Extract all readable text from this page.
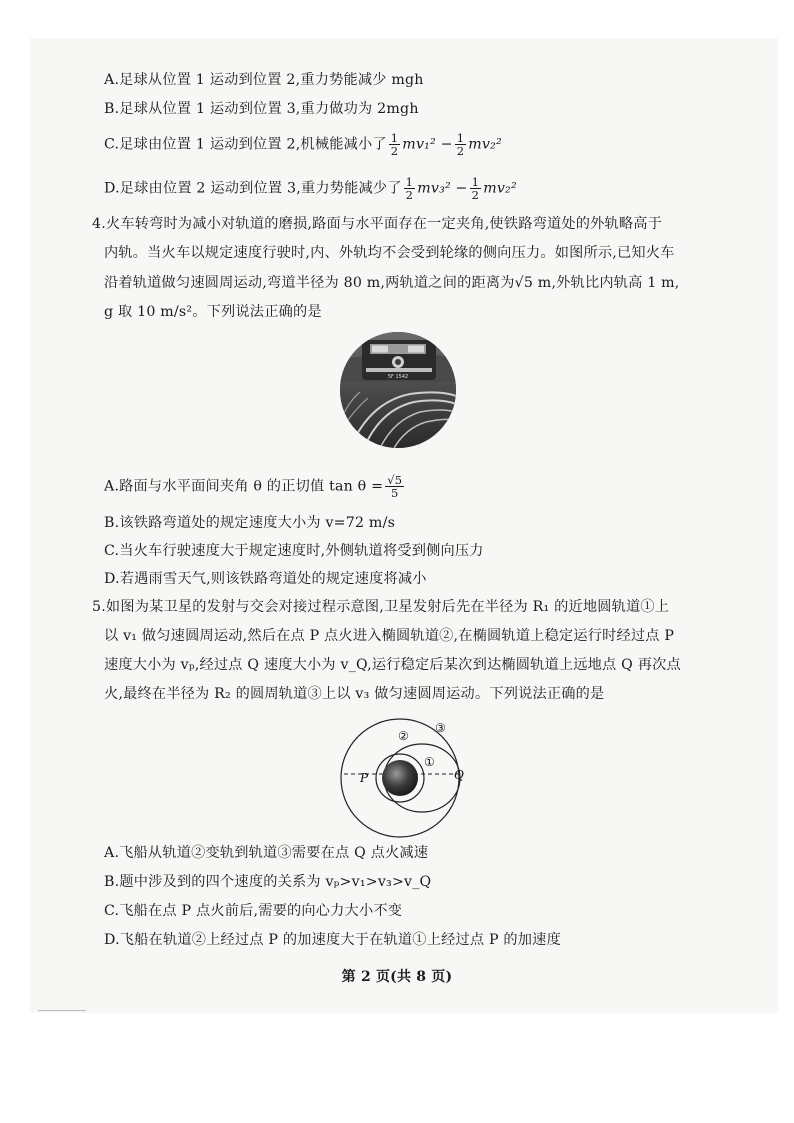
A.足球从位置 1 运动到位置 2,重力势能减少 mgh
B.足球从位置 1 运动到位置 3,重力做功为 2mgh
C.足球由位置 1 运动到位置 2,机械能减小了 $\frac{1}{2} mv_1^2 - \frac{1}{2} mv_2^2$
D.足球由位置 2 运动到位置 3,重力势能减少了 $\frac{1}{2} mv_3^2 - \frac{1}{2} mv_2^2$
4.火车转弯时为减小对轨道的磨损,路面与水平面存在一定夹角,使铁路弯道处的外轨略高于
内轨。当火车以规定速度行驶时,内、外轨均不会受到轮缘的侧向压力。如图所示,已知火车
沿着轨道做匀速圆周运动,弯道半径为 80 m,两轨道之间的距离为√5 m,外轨比内轨高 1 m,
g 取 10 m/s²。下列说法正确的是
5F 1542
A.路面与水平面间夹角 θ 的正切值 $\tan \theta = \frac{√5}{5}$
B.该铁路弯道处的规定速度大小为 v=72 m/s
C.当火车行驶速度大于规定速度时,外侧轨道将受到侧向压力
D.若遇雨雪天气,则该铁路弯道处的规定速度将减小
5.如图为某卫星的发射与交会对接过程示意图,卫星发射后先在半径为 R₁ 的近地圆轨道①上
以 v₁ 做匀速圆周运动,然后在点 P 点火进入椭圆轨道②,在椭圆轨道上稳定运行时经过点 P
速度大小为 vₚ,经过点 Q 速度大小为 v_Q,运行稳定后某次到达椭圆轨道上远地点 Q 再次点
火,最终在半径为 R₂ 的圆周轨道③上以 v₃ 做匀速圆周运动。下列说法正确的是
P	Q
①
②
③
A.飞船从轨道②变轨到轨道③需要在点 Q 点火减速
B.题中涉及到的四个速度的关系为 vₚ>v₁>v₃>v_Q
C.飞船在点 P 点火前后,需要的向心力大小不变
D.飞船在轨道②上经过点 P 的加速度大于在轨道①上经过点 P 的加速度
第 2 页(共 8 页)
